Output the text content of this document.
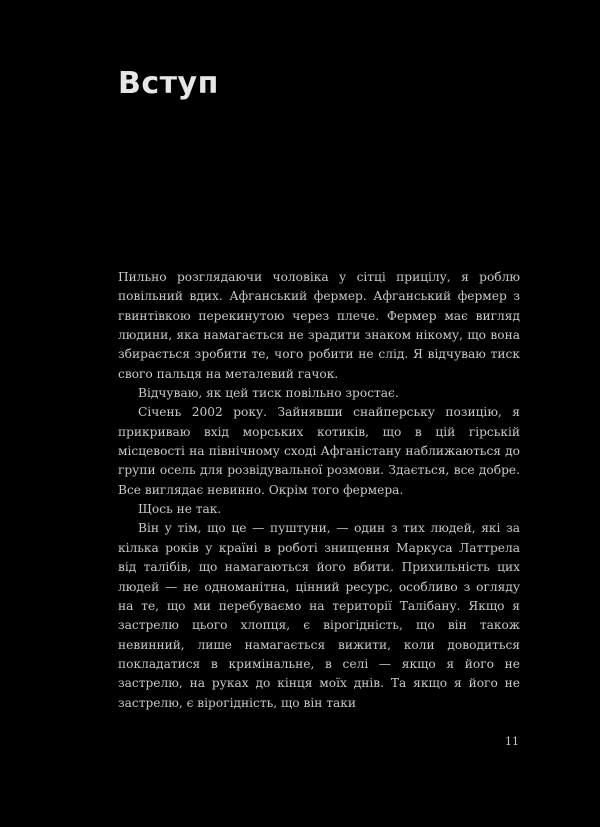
Вступ

Пильно розглядаючи чоловіка у сітці прицілу, я роблю повільний вдих. Афганський фермер. Афганський фермер з гвинтівкою перекинутою через плече. Фермер має вигляд людини, яка намагається не зрадити знаком нікому, що вона збирається зробити те, чого робити не слід. Я відчуваю тиск свого пальця на металевий гачок.

Відчуваю, як цей тиск повільно зростає.

Січень 2002 року. Зайнявши снайперську позицію, я прикриваю вхід морських котиків, що в цій гірській місцевості на північному сході Афганістану наближаються до групи осель для розвідувальної розмови. Здається, все добре. Все виглядає невинно. Окрім того фермера.

Щось не так.

Він у тім, що це — пуштуни, — один з тих людей, які за кілька років у країні в роботі знищення Маркуса Латтрела від талібів, що намагаються його вбити. Прихильність цих людей — не одноманітна, цінний ресурс, особливо з огляду на те, що ми перебуваємо на території Талібану. Якщо я застрелю цього хлопця, є вірогідність, що він також невинний, лише намагається вижити, коли доводиться покладатися в кримінальне, в селі — якщо я його не застрелю, на руках до кінця моїх днів. Та якщо я його не застрелю, є вірогідність, що він таки

11
